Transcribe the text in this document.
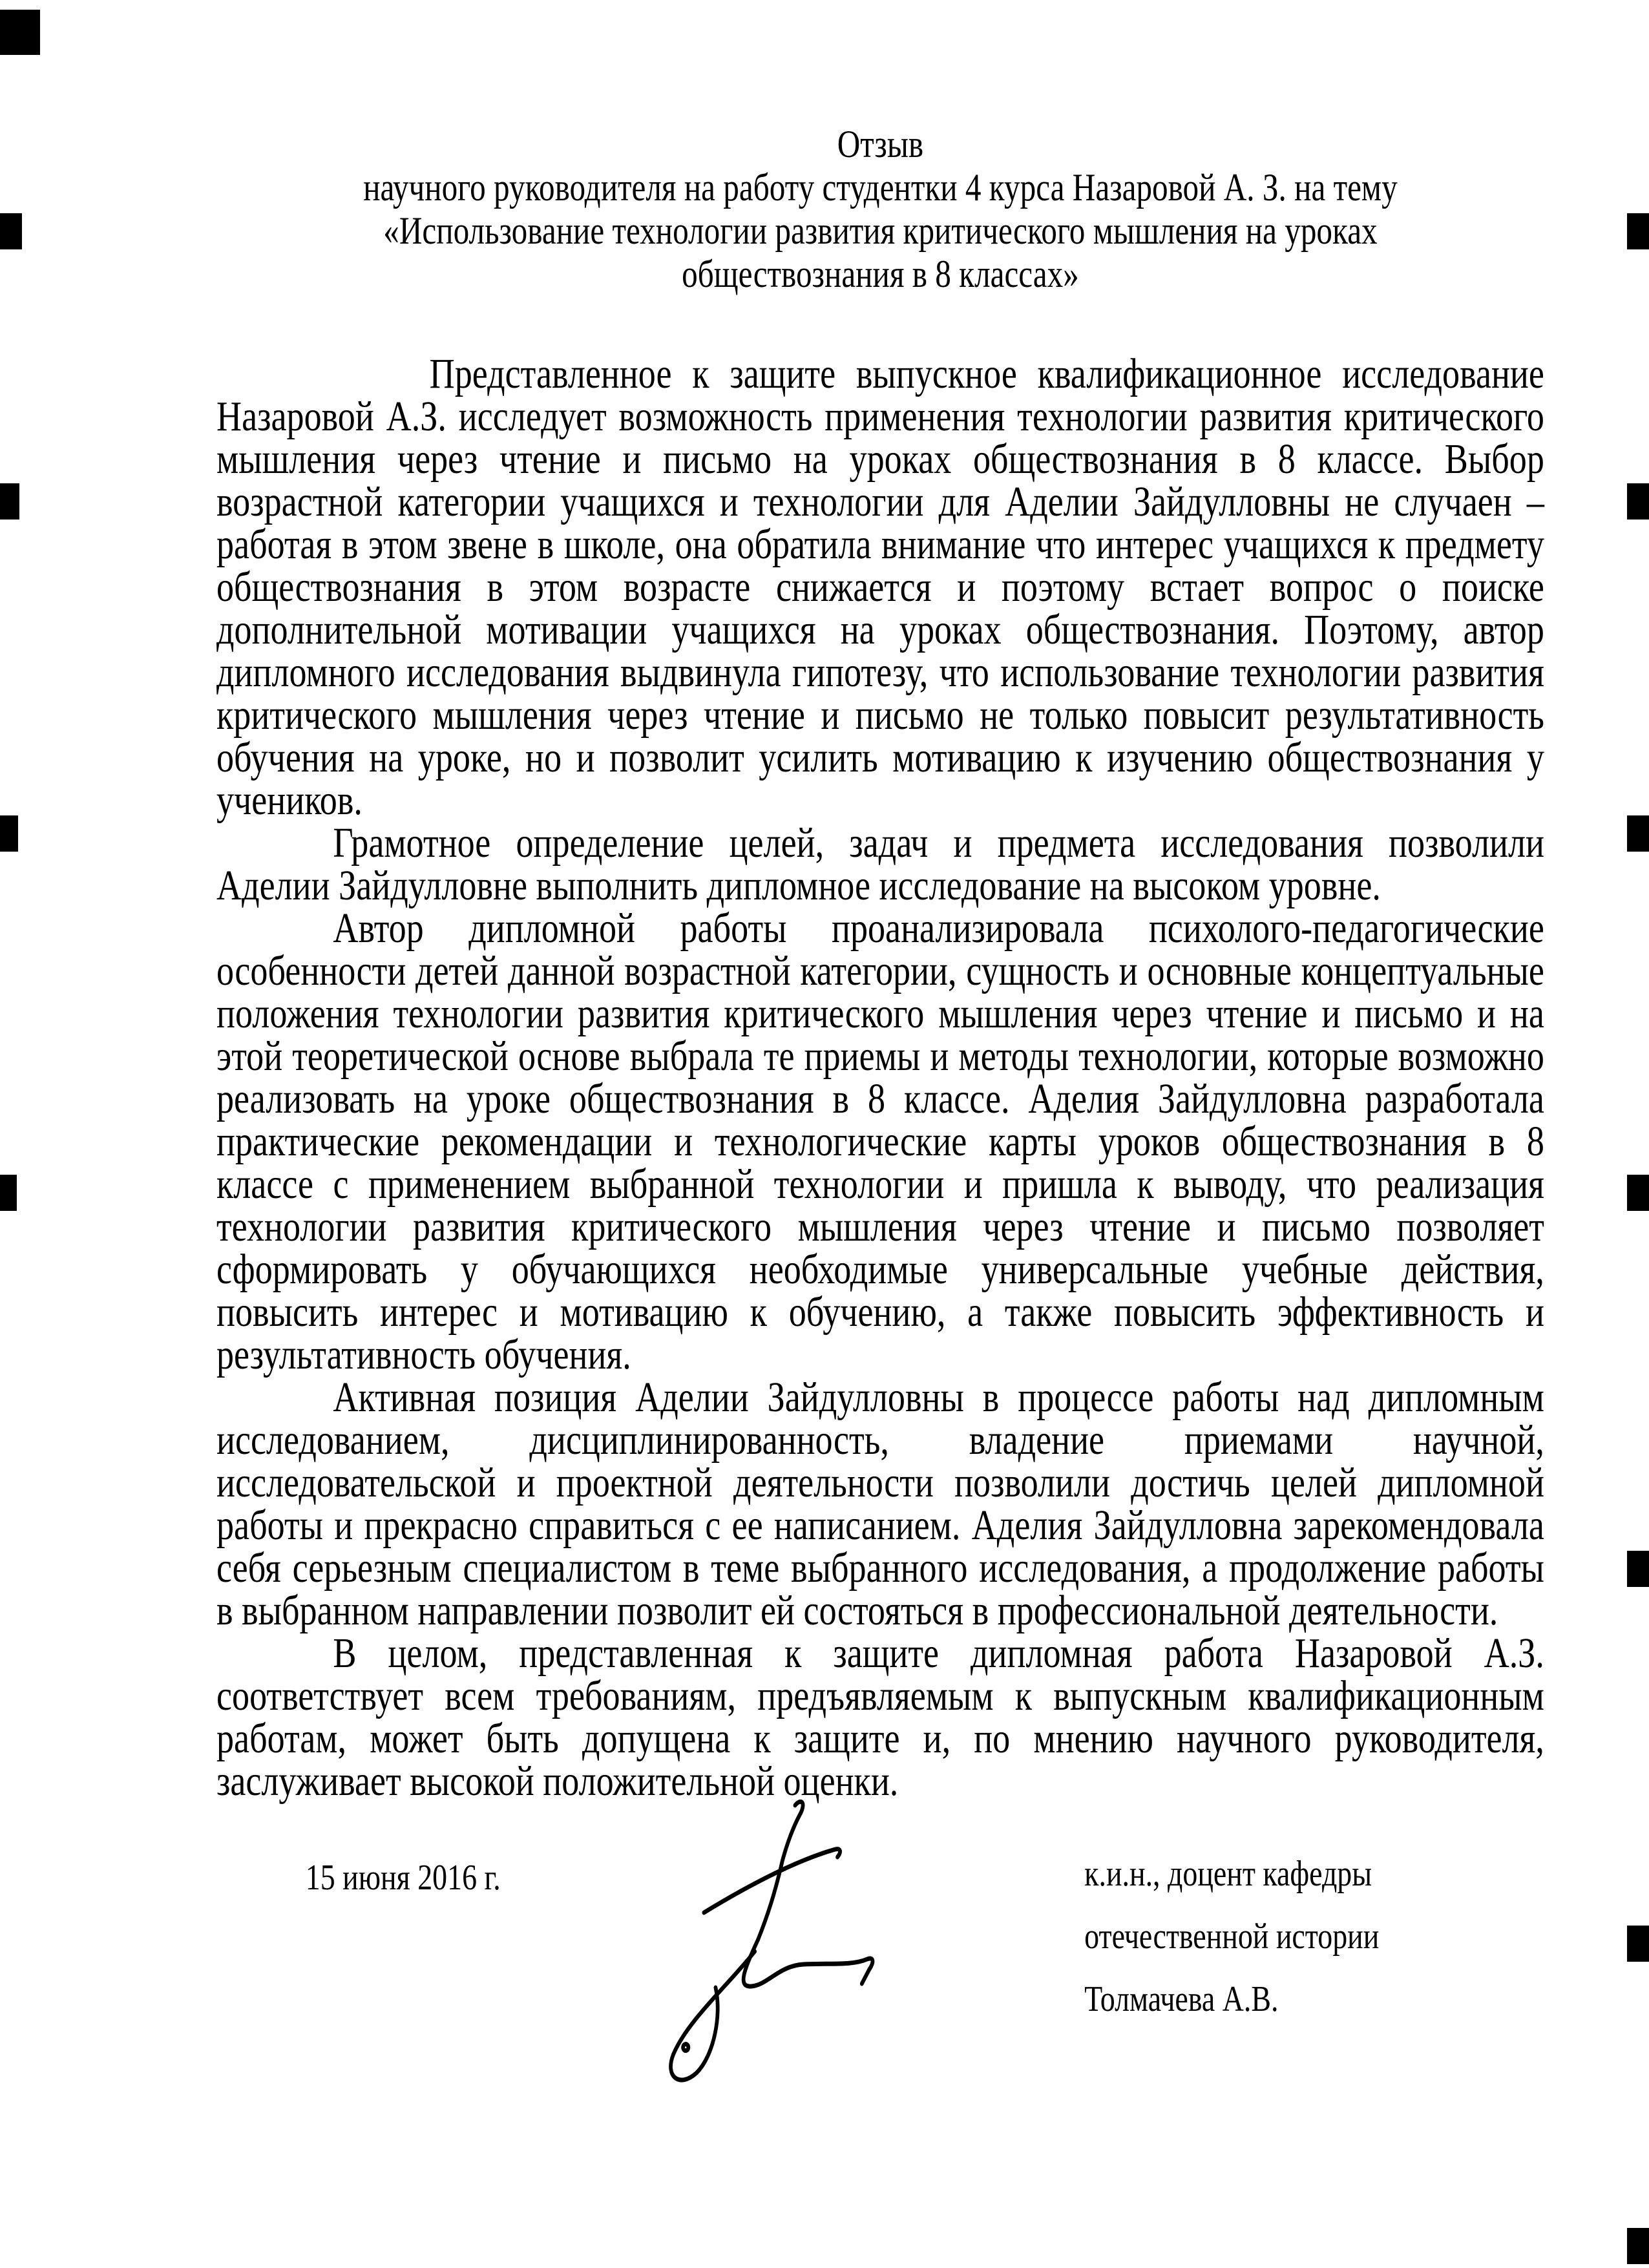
Отзыв
научного руководителя на работу студентки 4 курса Назаровой А. З. на тему
«Использование технологии развития критического мышления на уроках
обществознания в 8 классах»

Представленное к защите выпускное квалификационное исследование Назаровой А.З. исследует возможность применения технологии развития критического мышления через чтение и письмо на уроках обществознания в 8 классе. Выбор возрастной категории учащихся и технологии для Аделии Зайдулловны не случаен – работая в этом звене в школе, она обратила внимание что интерес учащихся к предмету обществознания в этом возрасте снижается и поэтому встает вопрос о поиске дополнительной мотивации учащихся на уроках обществознания. Поэтому, автор дипломного исследования выдвинула гипотезу, что использование технологии развития критического мышления через чтение и письмо не только повысит результативность обучения на уроке, но и позволит усилить мотивацию к изучению обществознания у учеников.

Грамотное определение целей, задач и предмета исследования позволили Аделии Зайдулловне выполнить дипломное исследование на высоком уровне.

Автор дипломной работы проанализировала психолого-педагогические особенности детей данной возрастной категории, сущность и основные концептуальные положения технологии развития критического мышления через чтение и письмо и на этой теоретической основе выбрала те приемы и методы технологии, которые возможно реализовать на уроке обществознания в 8 классе. Аделия Зайдулловна разработала практические рекомендации и технологические карты уроков обществознания в 8 классе с применением выбранной технологии и пришла к выводу, что реализация технологии развития критического мышления через чтение и письмо позволяет сформировать у обучающихся необходимые универсальные учебные действия, повысить интерес и мотивацию к обучению, а также повысить эффективность и результативность обучения.

Активная позиция Аделии Зайдулловны в процессе работы над дипломным исследованием, дисциплинированность, владение приемами научной, исследовательской и проектной деятельности позволили достичь целей дипломной работы и прекрасно справиться с ее написанием. Аделия Зайдулловна зарекомендовала себя серьезным специалистом в теме выбранного исследования, а продолжение работы в выбранном направлении позволит ей состояться в профессиональной деятельности.

В целом, представленная к защите дипломная работа Назаровой А.З. соответствует всем требованиям, предъявляемым к выпускным квалификационным работам, может быть допущена к защите и, по мнению научного руководителя, заслуживает высокой положительной оценки.

15 июня 2016 г.	к.и.н., доцент кафедры
отечественной истории
Толмачева А.В.
